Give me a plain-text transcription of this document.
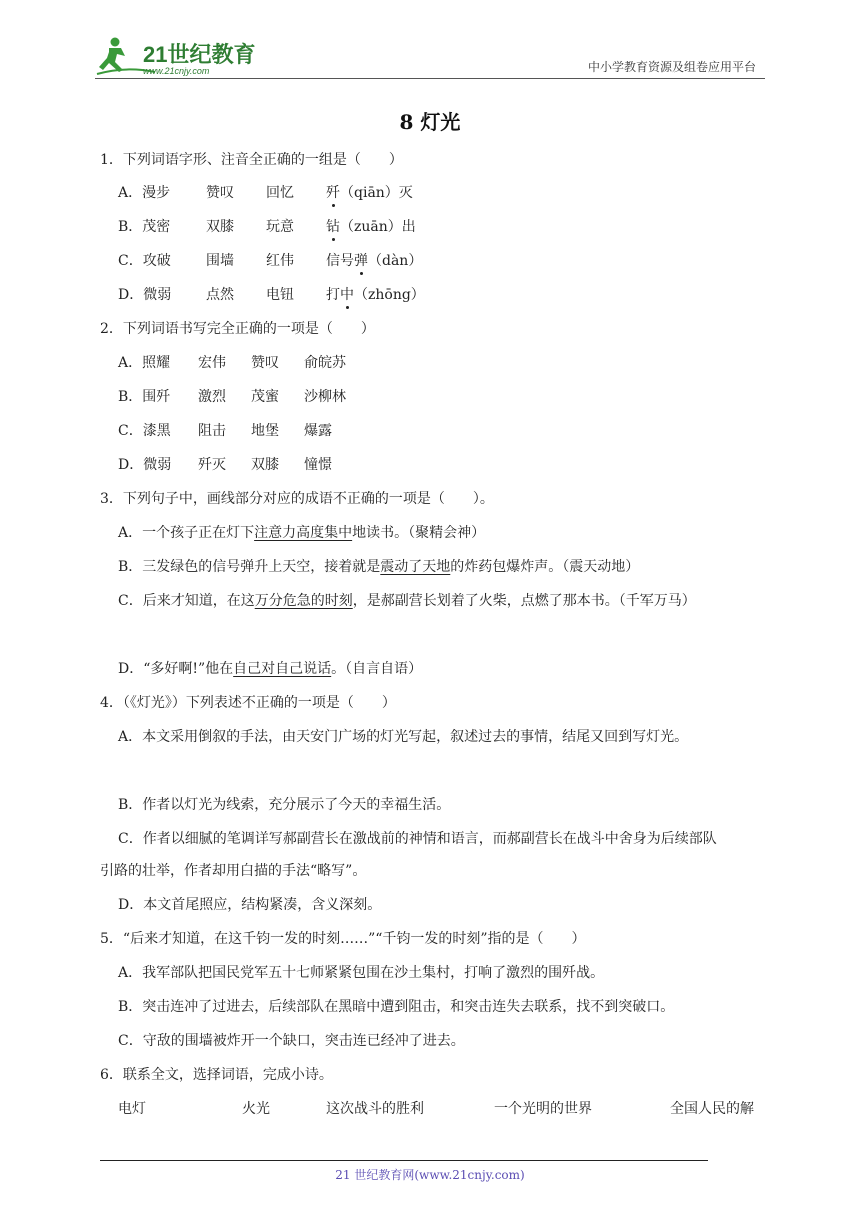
21世纪教育
www.21cnjy.com	中小学教育资源及组卷应用平台
8 灯光
1．下列词语字形、注音全正确的一组是（　　）
A．漫步	赞叹	回忆	歼 （qiān）灭
B．茂密	双膝	玩意	钻 （zuān）出
C．攻破	围墙	红伟	信号 弹 （dàn）
D．微弱	点然	电钮	打 中 （zhōng）
2．下列词语书写完全正确的一项是（　　）
A．照耀	宏伟	赞叹	俞皖苏
B．围歼	激烈	茂蜜	沙柳林
C．漆黑	阻击	地堡	爆露
D．微弱	歼灭	双膝	憧憬
3．下列句子中，画线部分对应的成语不正确的一项是（　　）。
A．一个孩子正在灯下注意力高度集中地读书。（聚精会神）
B．三发绿色的信号弹升上天空，接着就是震动了天地的炸药包爆炸声。（震天动地）
C．后来才知道，在这万分危急的时刻，是郝副营长划着了火柴，点燃了那本书。（千军万马）
D．“多好啊!”他在自己对自己说话。（自言自语）
4．（《灯光》）下列表述不正确的一项是（　　）
A．本文采用倒叙的手法，由天安门广场的灯光写起，叙述过去的事情，结尾又回到写灯光。
B．作者以灯光为线索，充分展示了今天的幸福生活。
C．作者以细腻的笔调详写郝副营长在激战前的神情和语言，而郝副营长在战斗中舍身为后续部队
引路的壮举，作者却用白描的手法“略写”。
D．本文首尾照应，结构紧凑，含义深刻。
5．“后来才知道，在这千钧一发的时刻……”“千钧一发的时刻”指的是（　　）
A．我军部队把国民党军五十七师紧紧包围在沙土集村，打响了激烈的围歼战。
B．突击连冲了过进去，后续部队在黑暗中遭到阻击，和突击连失去联系，找不到突破口。
C．守敌的围墙被炸开一个缺口，突击连已经冲了进去。
6．联系全文，选择词语，完成小诗。
电灯	火光	这次战斗的胜利	一个光明的世界	全国人民的解
21 世纪教育网(www.21cnjy.com)
